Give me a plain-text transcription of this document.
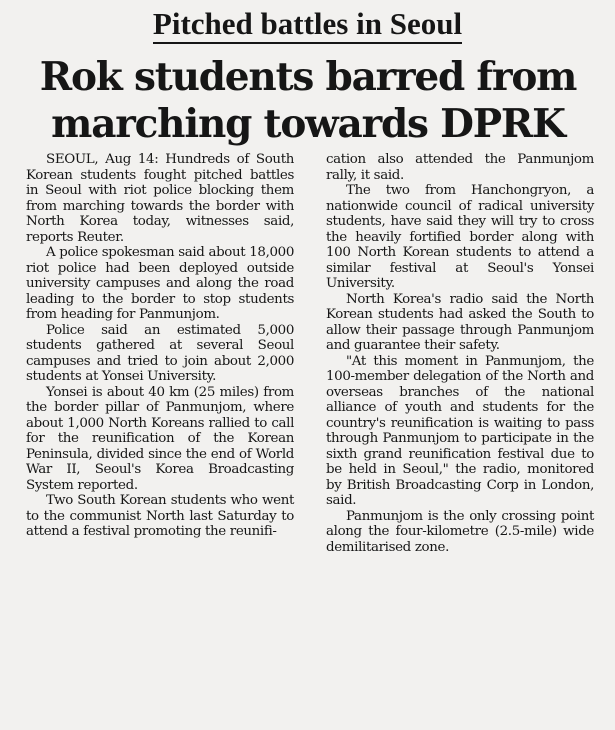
Pitched battles in Seoul
Rok students barred from marching towards DPRK

SEOUL, Aug 14: Hundreds of South Korean students fought pitched battles in Seoul with riot police blocking them from marching towards the border with North Korea today, witnesses said, reports Reuter.

A police spokesman said about 18,000 riot police had been deployed outside university campuses and along the road leading to the border to stop students from heading for Panmunjom.

Police said an estimated 5,000 students gathered at several Seoul campuses and tried to join about 2,000 students at Yonsei University.

Yonsei is about 40 km (25 miles) from the border pillar of Panmunjom, where about 1,000 North Koreans rallied to call for the reunification of the Korean Peninsula, divided since the end of World War II, Seoul's Korea Broadcasting System reported.

Two South Korean students who went to the communist North last Saturday to attend a festival promoting the reunifi-

cation also attended the Panmunjom rally, it said.

The two from Hanchongryon, a nationwide council of radical university students, have said they will try to cross the heavily fortified border along with 100 North Korean students to attend a similar festival at Seoul's Yonsei University.

North Korea's radio said the North Korean students had asked the South to allow their passage through Panmunjom and guarantee their safety.

"At this moment in Panmunjom, the 100-member delegation of the North and overseas branches of the national alliance of youth and students for the country's reunification is waiting to pass through Panmunjom to participate in the sixth grand reunification festival due to be held in Seoul," the radio, monitored by British Broadcasting Corp in London, said.

Panmunjom is the only crossing point along the four-kilometre (2.5-mile) wide demilitarised zone.
